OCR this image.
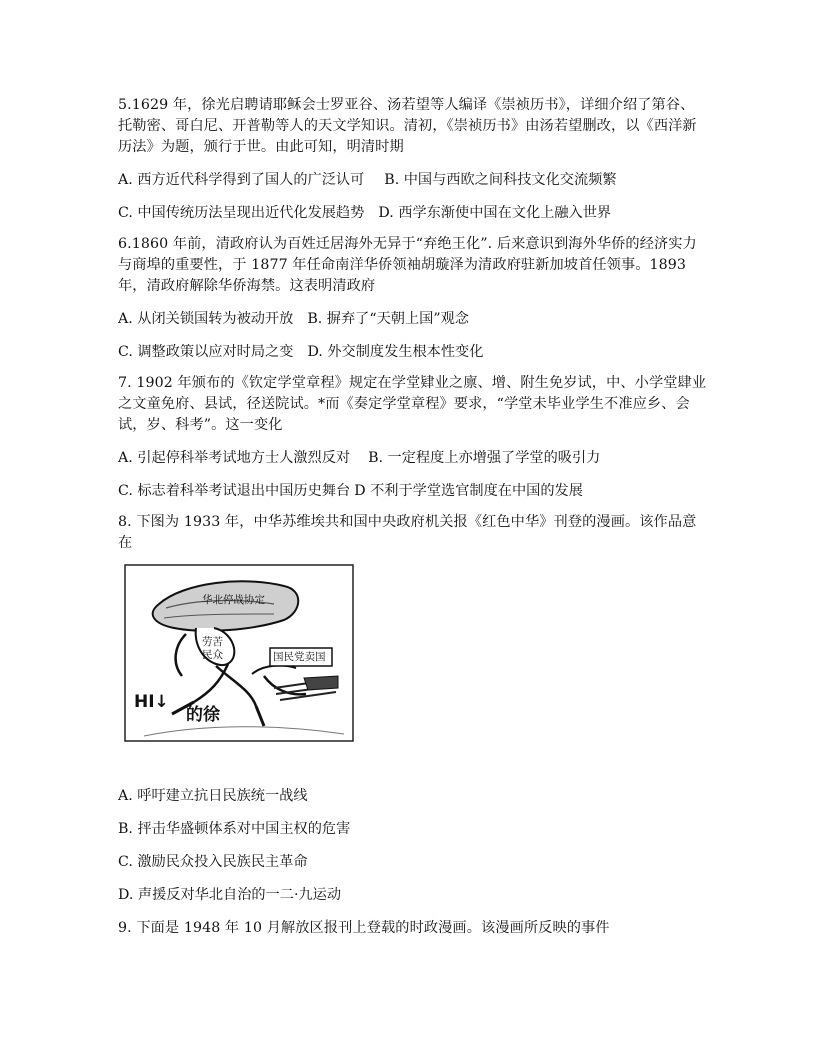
5.1629 年，徐光启聘请耶稣会士罗亚谷、汤若望等人编译《崇祯历书》，详细介绍了第谷、托勒密、哥白尼、开普勒等人的天文学知识。清初，《崇祯历书》由汤若望删改，以《西洋新历法》为题，颁行于世。由此可知，明清时期

A. 西方近代科学得到了国人的广泛认可 B. 中国与西欧之间科技文化交流频繁

C. 中国传统历法呈现出近代化发展趋势 D. 西学东渐使中国在文化上融入世界

6.1860 年前，清政府认为百姓迁居海外无异于“弃绝王化”. 后来意识到海外华侨的经济实力与商埠的重要性，于 1877 年任命南洋华侨领袖胡璇泽为清政府驻新加坡首任领事。1893 年，清政府解除华侨海禁。这表明清政府

A. 从闭关锁国转为被动开放 B. 摒弃了“天朝上国”观念

C. 调整政策以应对时局之变 D. 外交制度发生根本性变化

7. 1902 年颁布的《钦定学堂章程》规定在学堂肄业之廪、增、附生免岁试，中、小学堂肆业之文童免府、县试，径送院试。*而《奏定学堂章程》要求，“学堂未毕业学生不准应乡、会试，岁、科考”。这一变化

A. 引起停科举考试地方士人激烈反对 B. 一定程度上亦增强了学堂的吸引力

C. 标志着科举考试退出中国历史舞台 D 不利于学堂选官制度在中国的发展

8. 下图为 1933 年，中华苏维埃共和国中央政府机关报《红色中华》刊登的漫画。该作品意在

华北停战协定
劳苦民众	国民党卖国
HI↓
的徐

A. 呼吁建立抗日民族统一战线

B. 抨击华盛顿体系对中国主权的危害

C. 激励民众投入民族民主革命

D. 声援反对华北自治的一二·九运动

9. 下面是 1948 年 10 月解放区报刊上登载的时政漫画。该漫画所反映的事件
